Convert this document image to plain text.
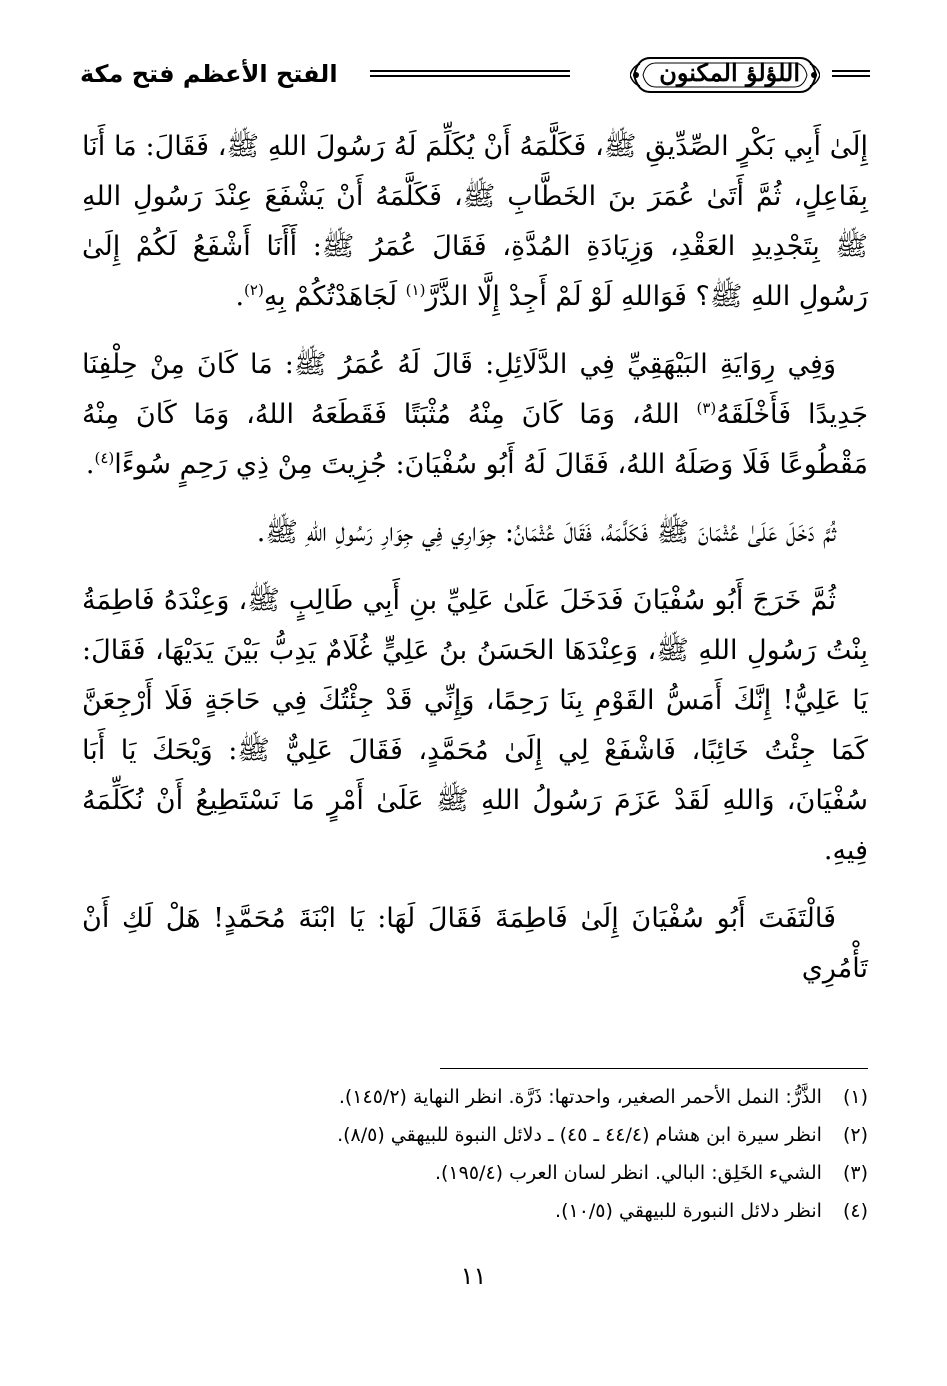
اللؤلؤ المكنون
الفتح الأعظم فتح مكة

إِلَىٰ أَبِي بَكْرٍ الصِّدِّيقِ ﷺ، فَكَلَّمَهُ أَنْ يُكَلِّمَ لَهُ رَسُولَ اللهِ ﷺ، فَقَالَ: مَا أَنَا بِفَاعِلٍ، ثُمَّ أَتَىٰ عُمَرَ بنَ الخَطَّابِ ﷺ، فَكَلَّمَهُ أَنْ يَشْفَعَ عِنْدَ رَسُولِ اللهِ ﷺ بِتَجْدِيدِ العَقْدِ، وَزِيَادَةِ المُدَّةِ، فَقَالَ عُمَرُ ﷺ: أَأَنَا أَشْفَعُ لَكُمْ إِلَىٰ رَسُولِ اللهِ ﷺ؟ فَوَاللهِ لَوْ لَمْ أَجِدْ إِلَّا الذَّرَّ$^{(١)}$ لَجَاهَدْتُكُمْ بِهِ$^{(٢)}$.

وَفِي رِوَايَةِ البَيْهَقِيِّ فِي الدَّلَائِلِ: قَالَ لَهُ عُمَرُ ﷺ: مَا كَانَ مِنْ حِلْفِنَا جَدِيدًا فَأَخْلَقَهُ$^{(٣)}$ اللهُ، وَمَا كَانَ مِنْهُ مُثْبَتًا فَقَطَعَهُ اللهُ، وَمَا كَانَ مِنْهُ مَقْطُوعًا فَلَا وَصَلَهُ اللهُ، فَقَالَ لَهُ أَبُو سُفْيَانَ: جُزِيتَ مِنْ ذِي رَحِمٍ سُوءًا$^{(٤)}$.

ثُمَّ دَخَلَ عَلَىٰ عُثْمَانَ ﷺ فَكَلَّمَهُ، فَقَالَ عُثْمَانُ: جِوَارِي فِي جِوَارِ رَسُولِ اللهِ ﷺ.

ثُمَّ خَرَجَ أَبُو سُفْيَانَ فَدَخَلَ عَلَىٰ عَلِيِّ بنِ أَبِي طَالِبٍ ﷺ، وَعِنْدَهُ فَاطِمَةُ بِنْتُ رَسُولِ اللهِ ﷺ، وَعِنْدَهَا الحَسَنُ بنُ عَلِيٍّ غُلَامٌ يَدِبُّ بَيْنَ يَدَيْهَا، فَقَالَ: يَا عَلِيُّ! إِنَّكَ أَمَسُّ القَوْمِ بِنَا رَحِمًا، وَإِنِّي قَدْ جِئْتُكَ فِي حَاجَةٍ فَلَا أَرْجِعَنَّ كَمَا جِئْتُ خَائِبًا، فَاشْفَعْ لِي إِلَىٰ مُحَمَّدٍ، فَقَالَ عَلِيٌّ ﷺ: وَيْحَكَ يَا أَبَا سُفْيَانَ، وَاللهِ لَقَدْ عَزَمَ رَسُولُ اللهِ ﷺ عَلَىٰ أَمْرٍ مَا نَسْتَطِيعُ أَنْ نُكَلِّمَهُ فِيهِ.

فَالْتَفَتَ أَبُو سُفْيَانَ إِلَىٰ فَاطِمَةَ فَقَالَ لَهَا: يَا ابْنَةَ مُحَمَّدٍ! هَلْ لَكِ أَنْ تَأْمُرِي

(١) الذَّرُّ: النمل الأحمر الصغير، واحدتها: ذَرَّة. انظر النهاية (١٤٥/٢).
(٢) انظر سيرة ابن هشام (٤٤/٤ ـ ٤٥) ـ دلائل النبوة للبيهقي (٨/٥).
(٣) الشيء الخَلِق: البالي. انظر لسان العرب (١٩٥/٤).
(٤) انظر دلائل النبورة للبيهقي (١٠/٥).
١١
